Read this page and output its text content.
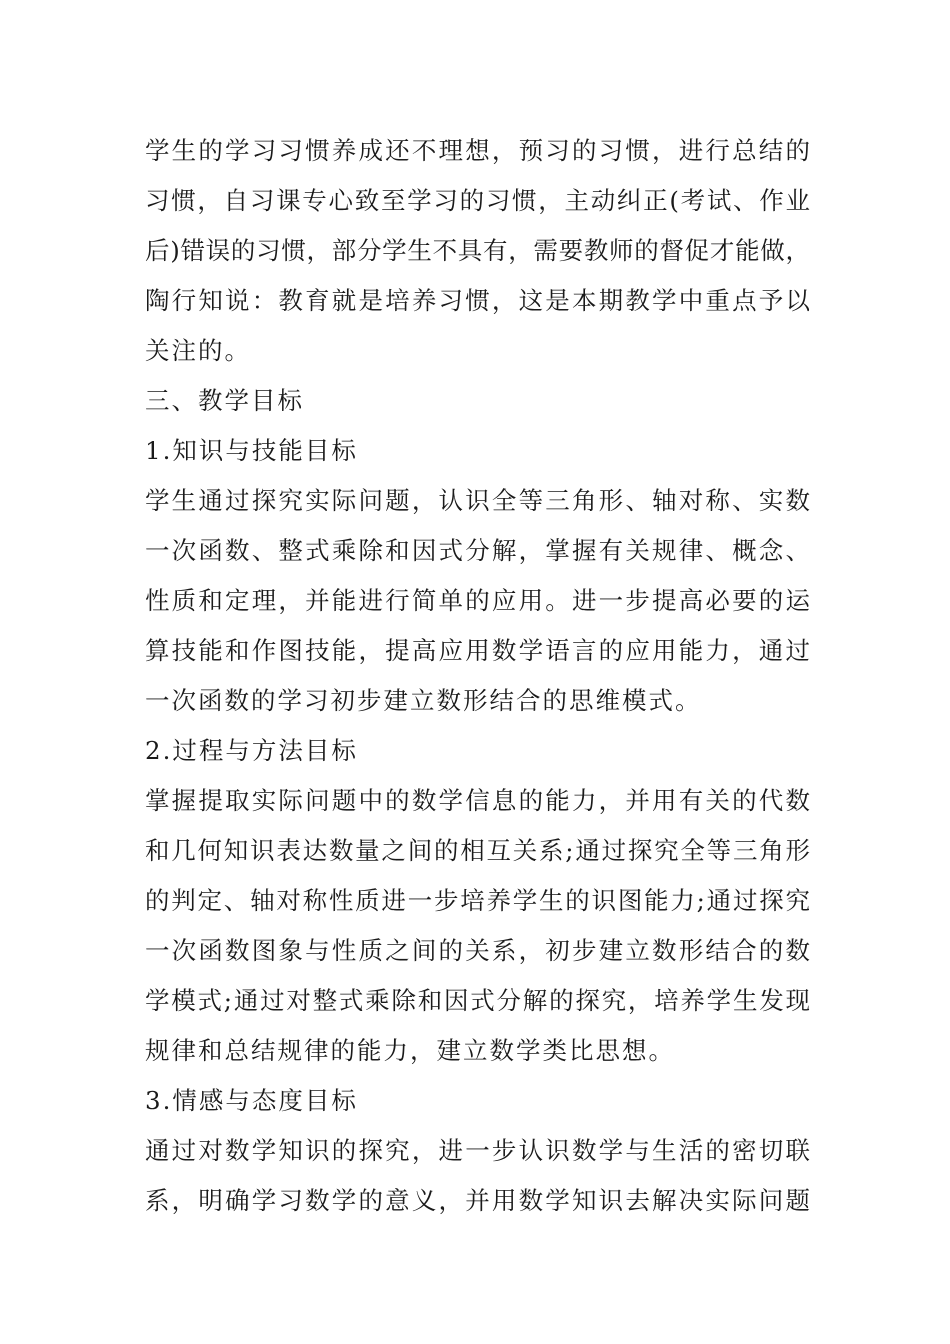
学生的学习习惯养成还不理想，预习的习惯，进行总结的
习惯，自习课专心致至学习的习惯，主动纠正(考试、作业
后)错误的习惯，部分学生不具有，需要教师的督促才能做，
陶行知说：教育就是培养习惯，这是本期教学中重点予以
关注的。
三、教学目标
1.知识与技能目标
学生通过探究实际问题，认识全等三角形、轴对称、实数
一次函数、整式乘除和因式分解，掌握有关规律、概念、
性质和定理，并能进行简单的应用。进一步提高必要的运
算技能和作图技能，提高应用数学语言的应用能力，通过
一次函数的学习初步建立数形结合的思维模式。
2.过程与方法目标
掌握提取实际问题中的数学信息的能力，并用有关的代数
和几何知识表达数量之间的相互关系;通过探究全等三角形
的判定、轴对称性质进一步培养学生的识图能力;通过探究
一次函数图象与性质之间的关系，初步建立数形结合的数
学模式;通过对整式乘除和因式分解的探究，培养学生发现
规律和总结规律的能力，建立数学类比思想。
3.情感与态度目标
通过对数学知识的探究，进一步认识数学与生活的密切联
系，明确学习数学的意义，并用数学知识去解决实际问题
